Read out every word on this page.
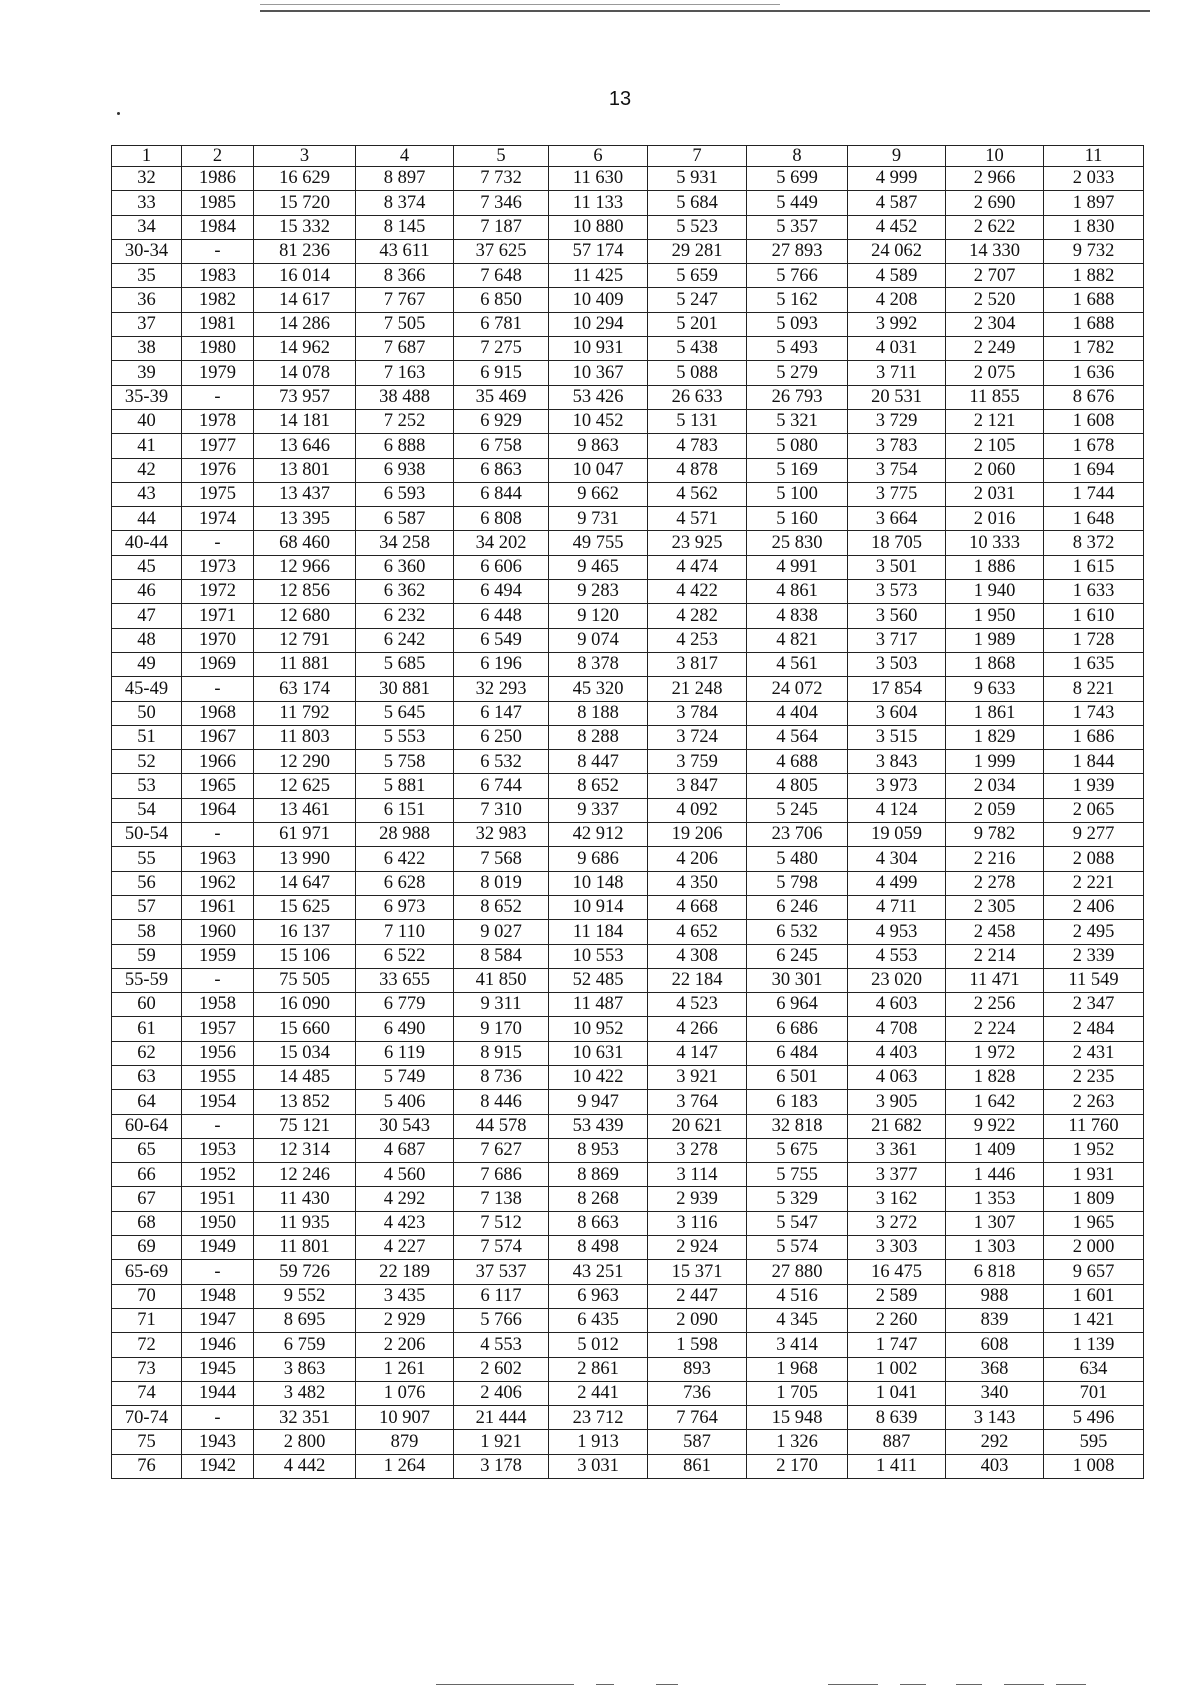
13
1	2	3	4	5	6	7	8	9	10	11
32	1986	16 629	8 897	7 732	11 630	5 931	5 699	4 999	2 966	2 033
33	1985	15 720	8 374	7 346	11 133	5 684	5 449	4 587	2 690	1 897
34	1984	15 332	8 145	7 187	10 880	5 523	5 357	4 452	2 622	1 830
30-34	-	81 236	43 611	37 625	57 174	29 281	27 893	24 062	14 330	9 732
35	1983	16 014	8 366	7 648	11 425	5 659	5 766	4 589	2 707	1 882
36	1982	14 617	7 767	6 850	10 409	5 247	5 162	4 208	2 520	1 688
37	1981	14 286	7 505	6 781	10 294	5 201	5 093	3 992	2 304	1 688
38	1980	14 962	7 687	7 275	10 931	5 438	5 493	4 031	2 249	1 782
39	1979	14 078	7 163	6 915	10 367	5 088	5 279	3 711	2 075	1 636
35-39	-	73 957	38 488	35 469	53 426	26 633	26 793	20 531	11 855	8 676
40	1978	14 181	7 252	6 929	10 452	5 131	5 321	3 729	2 121	1 608
41	1977	13 646	6 888	6 758	9 863	4 783	5 080	3 783	2 105	1 678
42	1976	13 801	6 938	6 863	10 047	4 878	5 169	3 754	2 060	1 694
43	1975	13 437	6 593	6 844	9 662	4 562	5 100	3 775	2 031	1 744
44	1974	13 395	6 587	6 808	9 731	4 571	5 160	3 664	2 016	1 648
40-44	-	68 460	34 258	34 202	49 755	23 925	25 830	18 705	10 333	8 372
45	1973	12 966	6 360	6 606	9 465	4 474	4 991	3 501	1 886	1 615
46	1972	12 856	6 362	6 494	9 283	4 422	4 861	3 573	1 940	1 633
47	1971	12 680	6 232	6 448	9 120	4 282	4 838	3 560	1 950	1 610
48	1970	12 791	6 242	6 549	9 074	4 253	4 821	3 717	1 989	1 728
49	1969	11 881	5 685	6 196	8 378	3 817	4 561	3 503	1 868	1 635
45-49	-	63 174	30 881	32 293	45 320	21 248	24 072	17 854	9 633	8 221
50	1968	11 792	5 645	6 147	8 188	3 784	4 404	3 604	1 861	1 743
51	1967	11 803	5 553	6 250	8 288	3 724	4 564	3 515	1 829	1 686
52	1966	12 290	5 758	6 532	8 447	3 759	4 688	3 843	1 999	1 844
53	1965	12 625	5 881	6 744	8 652	3 847	4 805	3 973	2 034	1 939
54	1964	13 461	6 151	7 310	9 337	4 092	5 245	4 124	2 059	2 065
50-54	-	61 971	28 988	32 983	42 912	19 206	23 706	19 059	9 782	9 277
55	1963	13 990	6 422	7 568	9 686	4 206	5 480	4 304	2 216	2 088
56	1962	14 647	6 628	8 019	10 148	4 350	5 798	4 499	2 278	2 221
57	1961	15 625	6 973	8 652	10 914	4 668	6 246	4 711	2 305	2 406
58	1960	16 137	7 110	9 027	11 184	4 652	6 532	4 953	2 458	2 495
59	1959	15 106	6 522	8 584	10 553	4 308	6 245	4 553	2 214	2 339
55-59	-	75 505	33 655	41 850	52 485	22 184	30 301	23 020	11 471	11 549
60	1958	16 090	6 779	9 311	11 487	4 523	6 964	4 603	2 256	2 347
61	1957	15 660	6 490	9 170	10 952	4 266	6 686	4 708	2 224	2 484
62	1956	15 034	6 119	8 915	10 631	4 147	6 484	4 403	1 972	2 431
63	1955	14 485	5 749	8 736	10 422	3 921	6 501	4 063	1 828	2 235
64	1954	13 852	5 406	8 446	9 947	3 764	6 183	3 905	1 642	2 263
60-64	-	75 121	30 543	44 578	53 439	20 621	32 818	21 682	9 922	11 760
65	1953	12 314	4 687	7 627	8 953	3 278	5 675	3 361	1 409	1 952
66	1952	12 246	4 560	7 686	8 869	3 114	5 755	3 377	1 446	1 931
67	1951	11 430	4 292	7 138	8 268	2 939	5 329	3 162	1 353	1 809
68	1950	11 935	4 423	7 512	8 663	3 116	5 547	3 272	1 307	1 965
69	1949	11 801	4 227	7 574	8 498	2 924	5 574	3 303	1 303	2 000
65-69	-	59 726	22 189	37 537	43 251	15 371	27 880	16 475	6 818	9 657
70	1948	9 552	3 435	6 117	6 963	2 447	4 516	2 589	988	1 601
71	1947	8 695	2 929	5 766	6 435	2 090	4 345	2 260	839	1 421
72	1946	6 759	2 206	4 553	5 012	1 598	3 414	1 747	608	1 139
73	1945	3 863	1 261	2 602	2 861	893	1 968	1 002	368	634
74	1944	3 482	1 076	2 406	2 441	736	1 705	1 041	340	701
70-74	-	32 351	10 907	21 444	23 712	7 764	15 948	8 639	3 143	5 496
75	1943	2 800	879	1 921	1 913	587	1 326	887	292	595
76	1942	4 442	1 264	3 178	3 031	861	2 170	1 411	403	1 008
